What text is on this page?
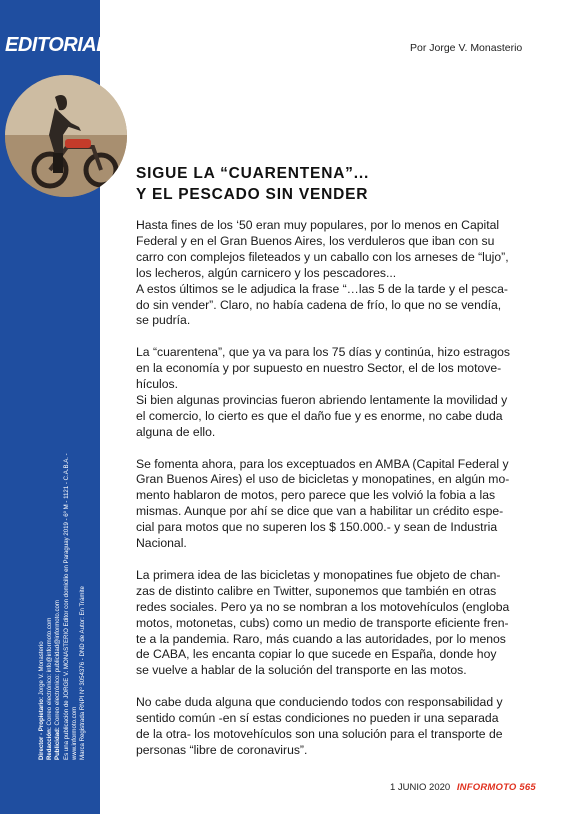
EDITORIAL
Director - Propietario: Jorge V. Monasterio
Redacción: Correo electrónico: info@informoto.com
Publicidad: Correo electrónico: publicidad@informoto.com Es una publicación de JORGE V. MONASTERIO Editor con domicilio en Paraguay 2019 - 6º M - 1121 - C.A.B.A. - www.informoto.com Marca Registrada RNPI Nº 3054376 - DND de Autor: En Trámite
Por Jorge V. Monasterio
SIGUE LA “CUARENTENA”...
Y EL PESCADO SIN VENDER

Hasta fines de los ‘50 eran muy populares, por lo menos en Capital
Federal y en el Gran Buenos Aires, los verduleros que iban con su
carro con complejos fileteados y un caballo con los arneses de “lujo”,
los lecheros, algún carnicero y los pescadores...
A estos últimos se le adjudica la frase “…las 5 de la tarde y el pesca-
do sin vender”. Claro, no había cadena de frío, lo que no se vendía,
se pudría.

La “cuarentena”, que ya va para los 75 días y continúa, hizo estragos
en la economía y por supuesto en nuestro Sector, el de los motove-
hículos.
Si bien algunas provincias fueron abriendo lentamente la movilidad y
el comercio, lo cierto es que el daño fue y es enorme, no cabe duda
alguna de ello.

Se fomenta ahora, para los exceptuados en AMBA (Capital Federal y
Gran Buenos Aires) el uso de bicicletas y monopatines, en algún mo-
mento hablaron de motos, pero parece que les volvió la fobia a las
mismas. Aunque por ahí se dice que van a habilitar un crédito espe-
cial para motos que no superen los $ 150.000.- y sean de Industria
Nacional.

La primera idea de las bicicletas y monopatines fue objeto de chan-
zas de distinto calibre en Twitter, suponemos que también en otras
redes sociales. Pero ya no se nombran a los motovehículos (engloba
motos, motonetas, cubs) como un medio de transporte eficiente fren-
te a la pandemia. Raro, más cuando a las autoridades, por lo menos
de CABA, les encanta copiar lo que sucede en España, donde hoy
se vuelve a hablar de la solución del transporte en las motos.

No cabe duda alguna que conduciendo todos con responsabilidad y
sentido común -en sí estas condiciones no pueden ir una separada
de la otra- los motovehículos son una solución para el transporte de
personas “libre de coronavirus”.

1 JUNIO 2020 INFORMOTO 565
